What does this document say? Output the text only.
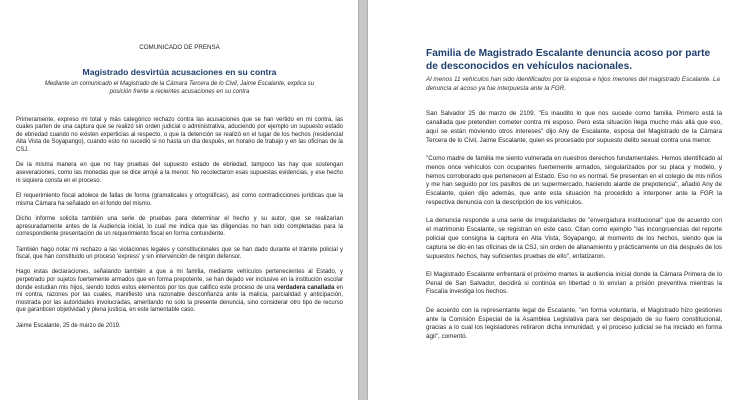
COMUNICADO DE PRENSA
Magistrado desvirtúa acusaciones en su contra
Mediante un comunicado el Magistrado de la Cámara Tercera de lo Civil, Jaime Escalante, explica su posición frente a recientes acusaciones en su contra

Primeramente, expreso mi total y más categórico rechazo contra las acusaciones que se han vertido en mi contra, las cuales parten de una captura que se realizó sin orden judicial o administrativa, aduciendo por ejemplo un supuesto estado de ebriedad cuando no existen experticias al respecto, o que la detención se realizó en el lugar de los hechos (residencial Alta Vista de Soyapango), cuando esto no sucedió si no hasta un día después, en horario de trabajo y en las oficinas de la CSJ.

De la misma manera en que no hay pruebas del supuesto estado de ebriedad, tampoco las hay que sostengan aseveraciones, como las monedas que se dice arrojé a la menor. No recolectaron esas supuestas evidencias, y ese hecho ni siquiera consta en el proceso.

El requerimiento fiscal adolece de fallas de forma (gramaticales y ortográficas), así como contradicciones jurídicas que la misma Cámara ha señalado en el fondo del mismo.

Dicho informe solicita también una serie de pruebas para determinar el hecho y su autor, que se realizarían apresuradamente antes de la Audiencia inicial, lo cual me indica que las diligencias no han sido completadas para la correspondiente presentación de un requerimiento fiscal en forma contundente.

También hago notar mi rechazo a las violaciones legales y constitucionales que se han dado durante el trámite policial y fiscal, que han constituido un proceso 'express' y sin intervención de ningún defensor.

Hago estas declaraciones, señalando también a que a mi familia, mediante vehículos pertenecientes al Estado, y perpetrado por sujetos fuertemente armados que en forma prepotente, se han dejado ver inclusive en la institución escolar donde estudian mis hijos, siendo todos estos elementos por los que califico este proceso de una verdadera canallada en mi contra, razones por las cuales, manifiesto una razonable desconfianza ante la malicia, parcialidad y anticipación, mostrada por las autoridades involucradas, ameritando no solo la presente denuncia, sino considerar otro tipo de recurso que garanticen objetividad y plena justicia, en este lamentable caso.

Jaime Escalante, 25 de marzo de 2019.
Familia de Magistrado Escalante denuncia acoso por parte de desconocidos en vehículos nacionales.
Al menos 11 vehículos han sido identificados por la esposa e hijos menores del magistrado Escalante. La denuncia al acoso ya fue interpuesta ante la FGR.

San Salvador 25 de marzo de 2109. "Es inaudito lo que nos sucede como familia. Primero está la canallada que pretenden cometer contra mi esposo. Pero esta situación llega mucho más allá que eso, aquí se están moviendo otros intereses" dijo Any de Escalante, esposa del Magistrado de la Cámara Tercera de lo Civil, Jaime Escalante, quien es procesado por supuesto delito sexual contra una menor.

"Como madre de familia me siento vulnerada en nuestros derechos fundamentales. Hemos identificado al menos once vehículos con ocupantes fuertemente armados, singularizados por su placa y modelo, y hemos corroborado que pertenecen al Estado. Eso no es normal. Se presentan en el colegio de mis niños y me han seguido por los pasillos de un supermercado, haciendo alarde de prepotencia", añadió Any de Escalante, quien dijo además, que ante esta situación ha procedido a interponer ante la FGR la respectiva denuncia con la descripción de los vehículos.

La denuncia responde a una serie de irregularidades de "envergadura institucional" que de acuerdo con el matrimonio Escalante, se registran en este caso. Citan como ejemplo "las incongruencias del reporte policial que consigna la captura en Alta Vista, Soyapango, al momento de los hechos, siendo que la captura se dio en las oficinas de la CSJ, sin orden de allanamiento y prácticamente un día después de los supuestos hechos, hay suficientes pruebas de ello", enfatizaron.

El Magistrado Escalante enfrentará el próximo martes la audiencia inicial donde la Cámara Primera de lo Penal de San Salvador, decidirá si continúa en libertad o lo envían a prisión preventiva mientras la Fiscalía investiga los hechos.

De acuerdo con la representante legal de Escalante, "en forma voluntaria, el Magistrado hizo gestiones ante la Comisión Especial de la Asamblea Legislativa para ser despojado de su fuero constitucional, gracias a lo cual los legisladores retiraron dicha inmunidad, y el proceso judicial se ha iniciado en forma ágil", comentó.
